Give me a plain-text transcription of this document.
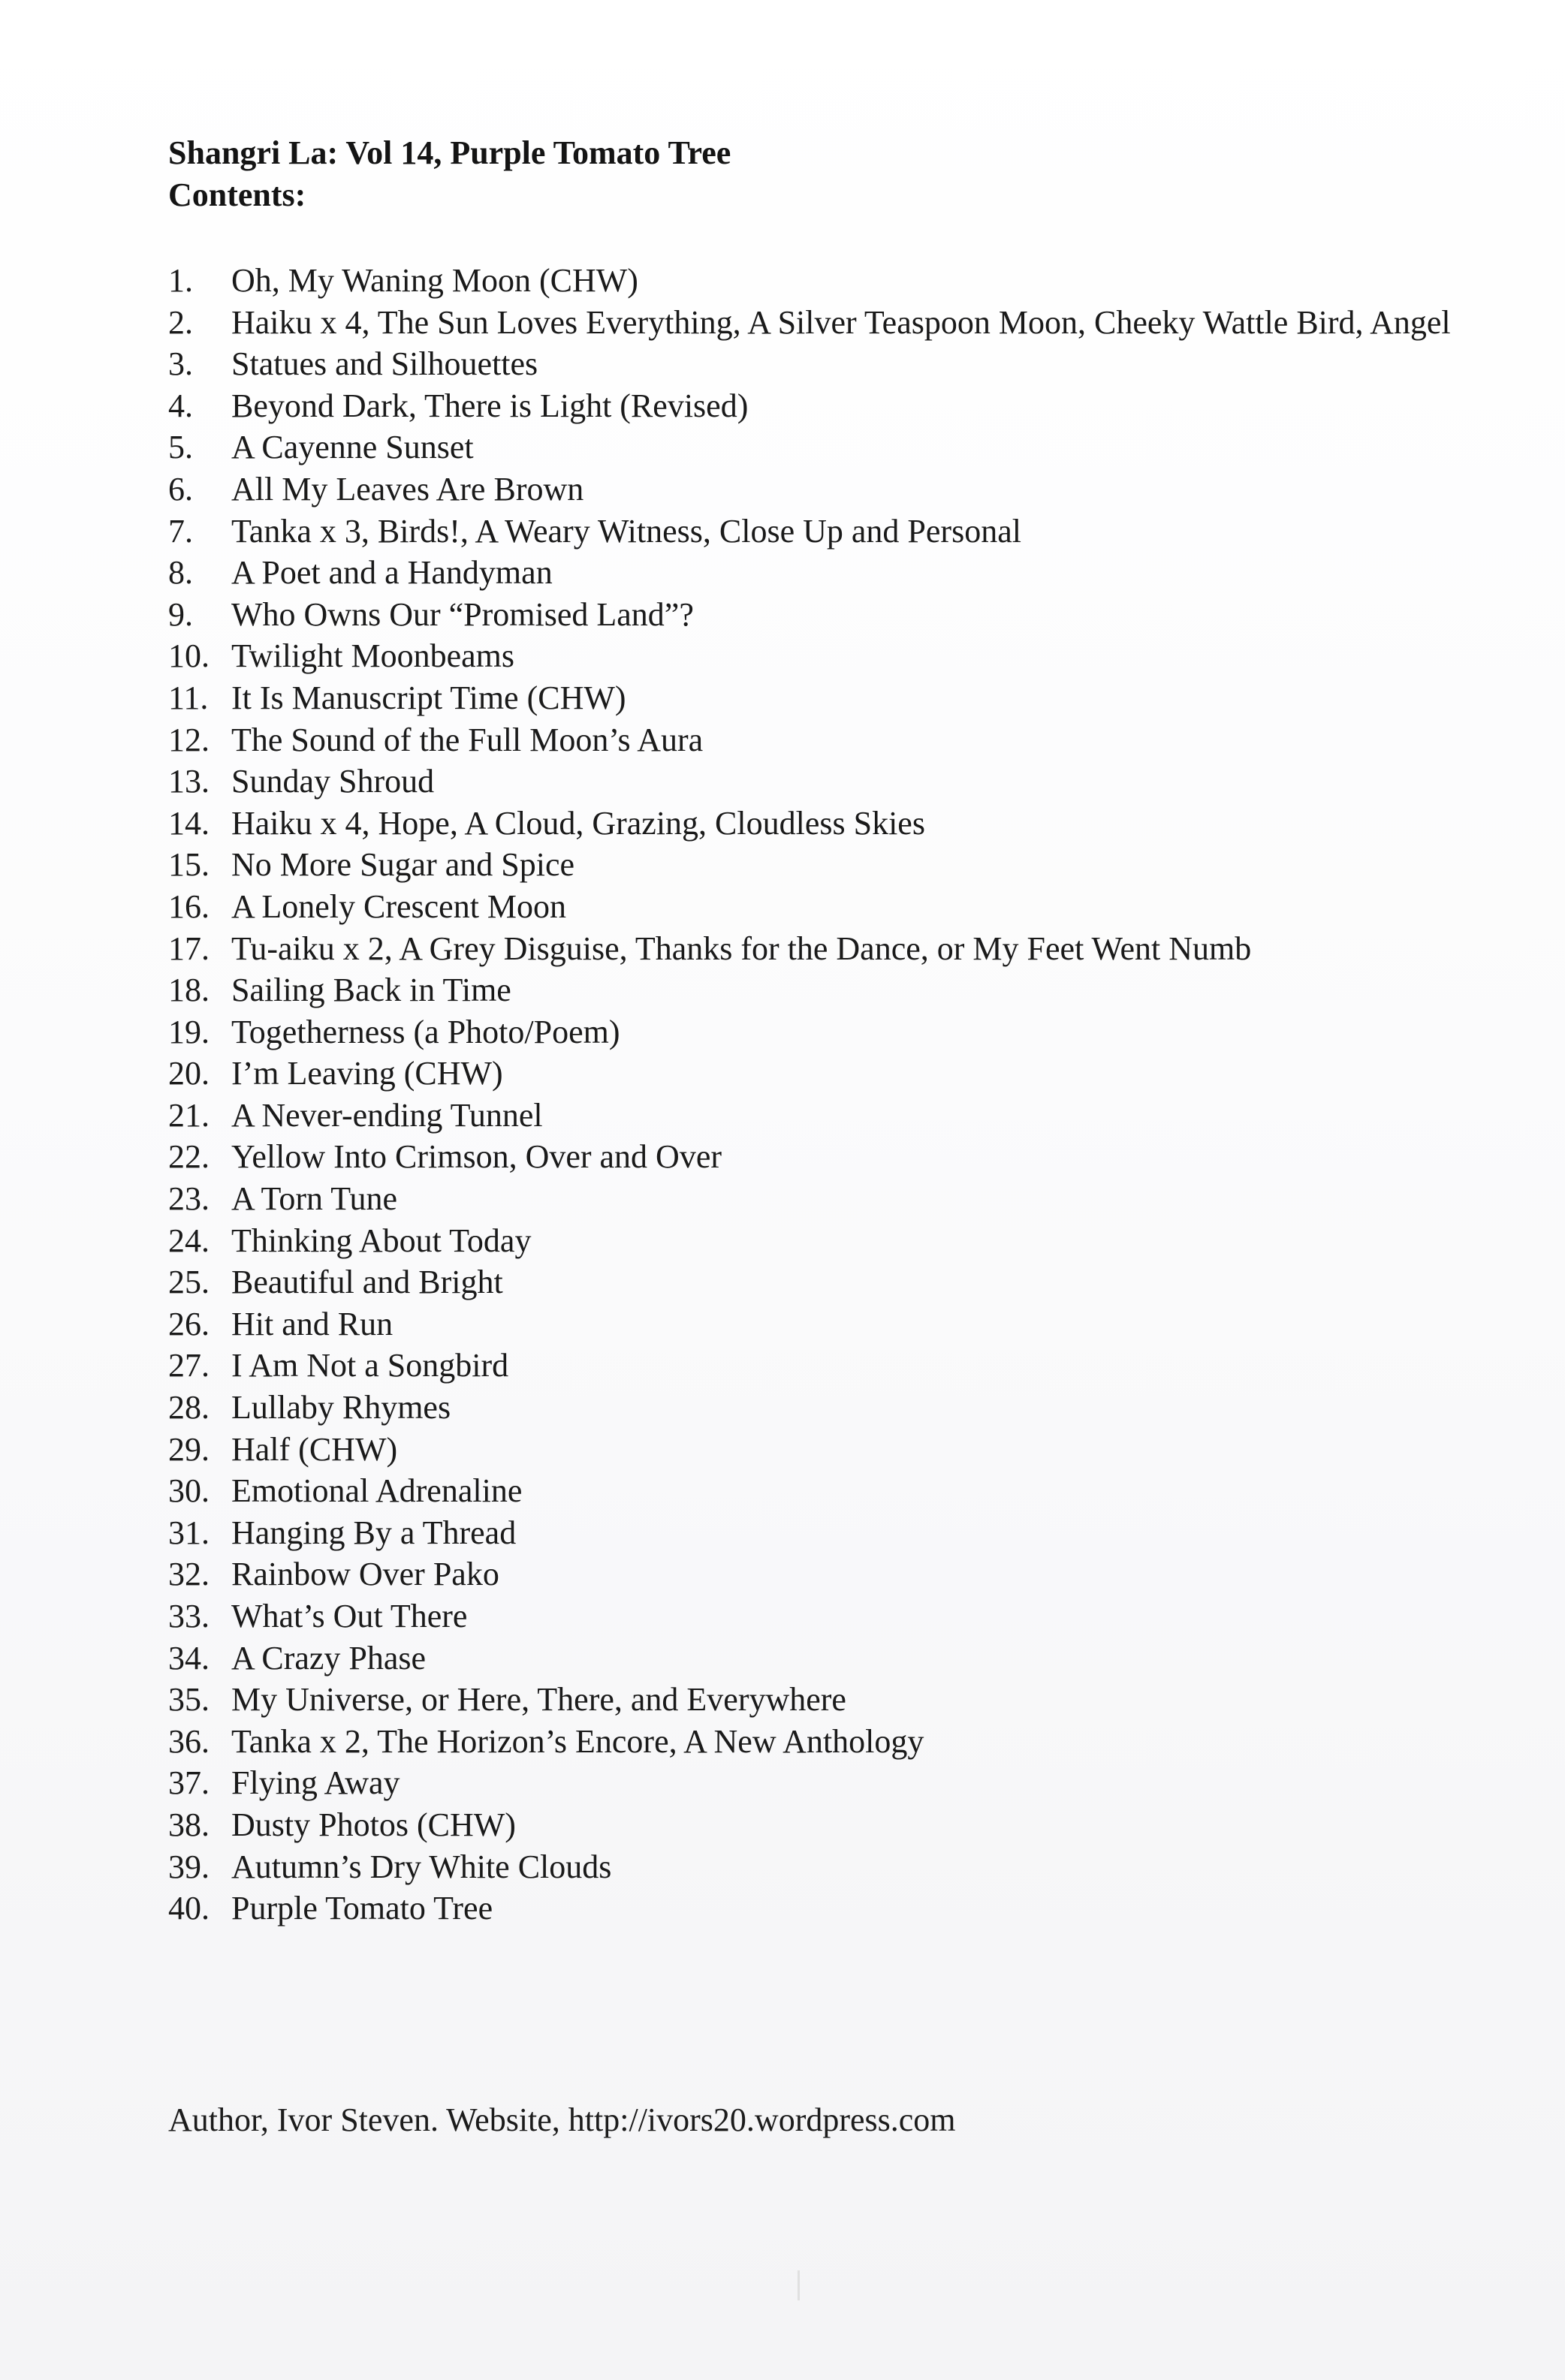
Shangri La: Vol 14, Purple Tomato Tree
Contents:
1. Oh, My Waning Moon (CHW)
2. Haiku x 4, The Sun Loves Everything, A Silver Teaspoon Moon, Cheeky Wattle Bird, Angel
3. Statues and Silhouettes
4. Beyond Dark, There is Light (Revised)
5. A Cayenne Sunset
6. All My Leaves Are Brown
7. Tanka x 3, Birds!, A Weary Witness, Close Up and Personal
8. A Poet and a Handyman
9. Who Owns Our “Promised Land”?
10. Twilight Moonbeams
11. It Is Manuscript Time (CHW)
12. The Sound of the Full Moon’s Aura
13. Sunday Shroud
14. Haiku x 4, Hope, A Cloud, Grazing, Cloudless Skies
15. No More Sugar and Spice
16. A Lonely Crescent Moon
17. Tu-aiku x 2, A Grey Disguise, Thanks for the Dance, or My Feet Went Numb
18. Sailing Back in Time
19. Togetherness (a Photo/Poem)
20. I’m Leaving (CHW)
21. A Never-ending Tunnel
22. Yellow Into Crimson, Over and Over
23. A Torn Tune
24. Thinking About Today
25. Beautiful and Bright
26. Hit and Run
27. I Am Not a Songbird
28. Lullaby Rhymes
29. Half (CHW)
30. Emotional Adrenaline
31. Hanging By a Thread
32. Rainbow Over Pako
33. What’s Out There
34. A Crazy Phase
35. My Universe, or Here, There, and Everywhere
36. Tanka x 2, The Horizon’s Encore, A New Anthology
37. Flying Away
38. Dusty Photos (CHW)
39. Autumn’s Dry White Clouds
40. Purple Tomato Tree
Author, Ivor Steven. Website, http://ivors20.wordpress.com
